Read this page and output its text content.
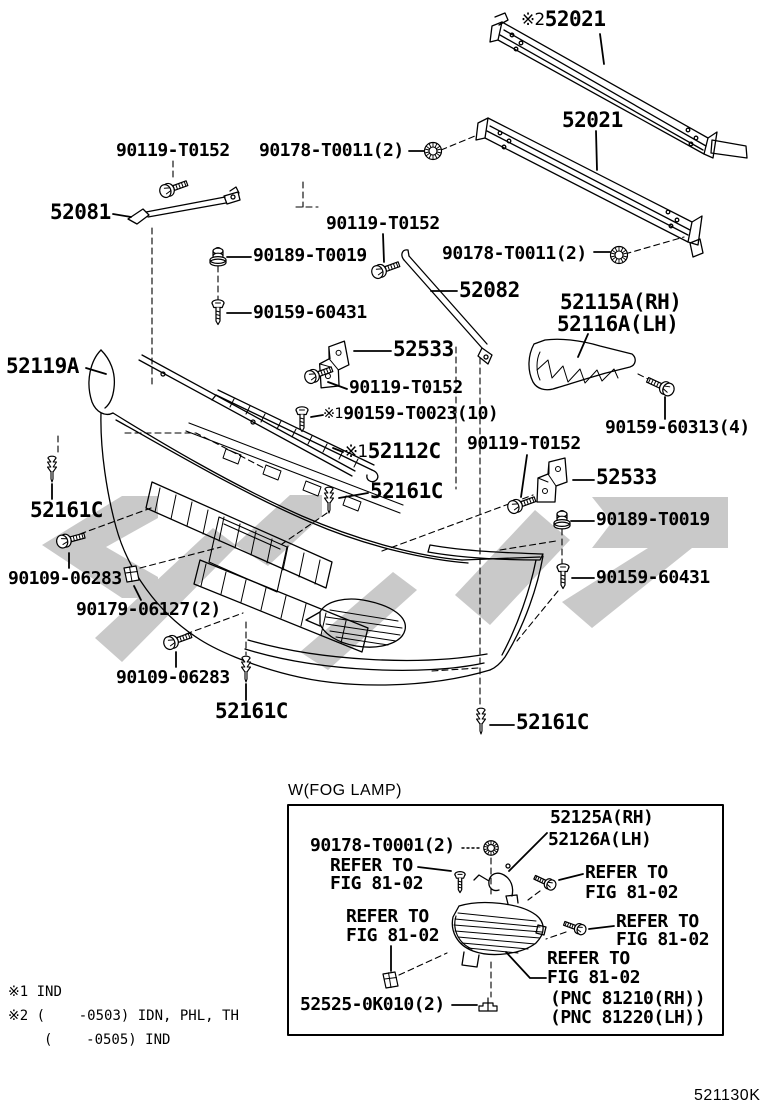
※252021
52021
90119-T0152 90178-T0011(2)
52081	90119-T0152
90189-T0019	90178-T0011(2)
52082 52115A(RH)
52116A(LH)
90159-60431
52533
52119A
90119-T0152
※190159-T0023(10)
90159-60313(4)
90119-T0152
※152112C
52533
52161C
52161C	90189-T0019
90109-06283	90159-60431
90179-06127(2)
90109-06283
52161C	52161C
W(FOG LAMP)
52125A(RH)
52126A(LH)
90178-T0001(2)
REFER TO
FIG 81-02
REFER TO
FIG 81-02
REFER TO
FIG 81-02
REFER TO
FIG 81-02
REFER TO
FIG 81-02
(PNC 81210(RH))
(PNC 81220(LH))
52525-0K010(2)
※1 IND
※2 (    -0503) IDN, PHL, TH
(    -0505) IND
521130K
